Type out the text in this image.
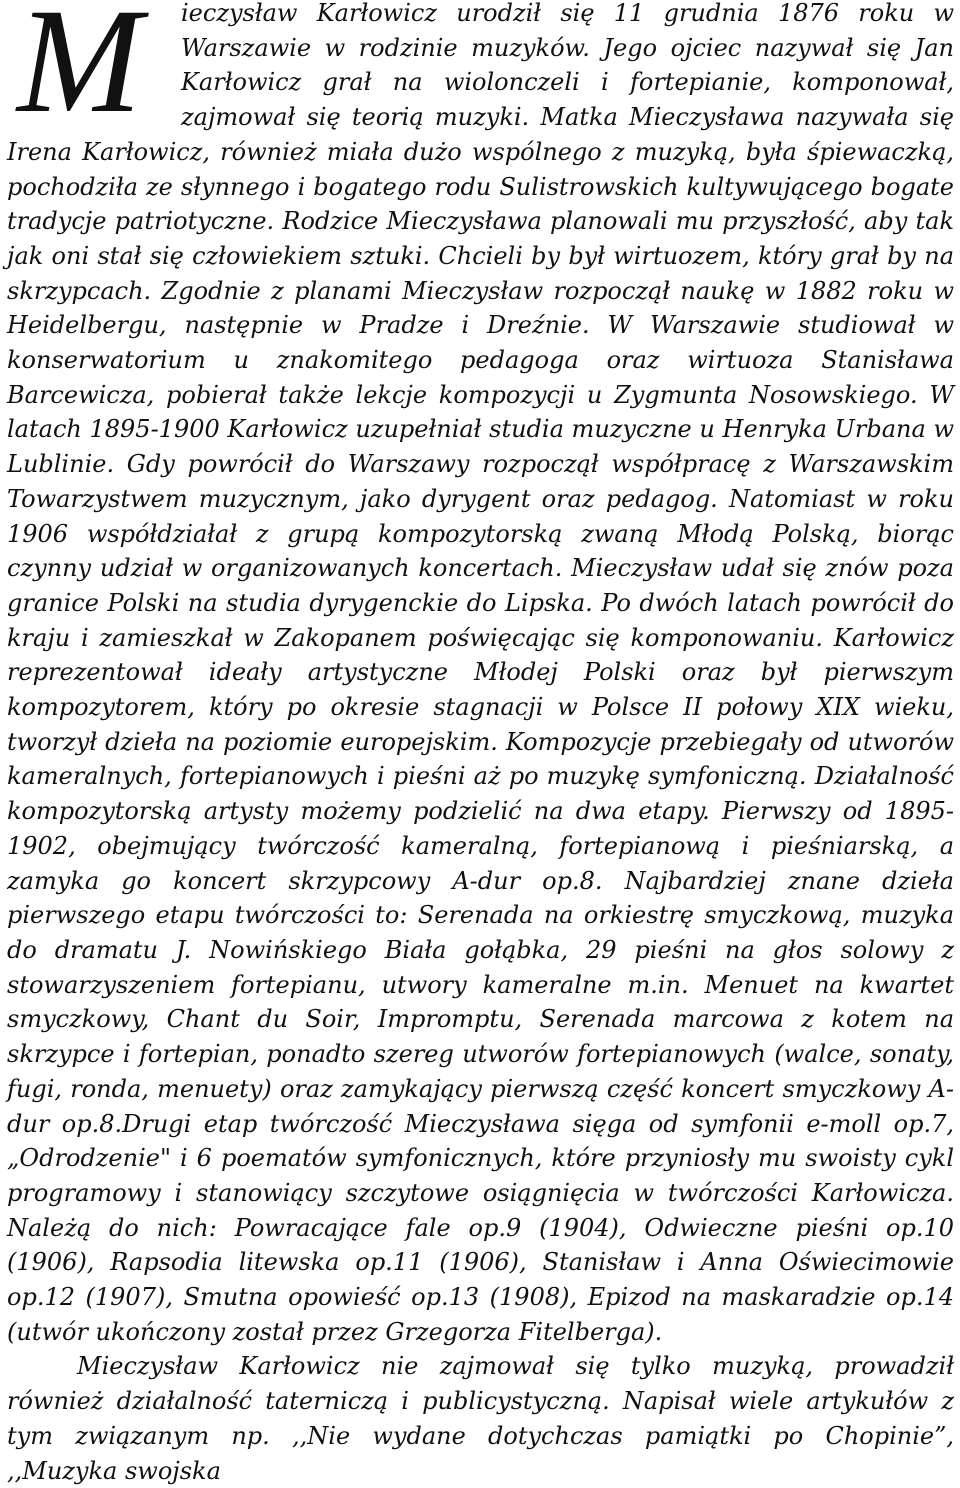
M	ieczysław Karłowicz urodził się 11 grudnia 1876 roku w Warszawie w rodzinie muzyków. Jego ojciec nazywał się Jan Karłowicz grał na wiolonczeli i fortepianie, komponował, zajmował się teorią muzyki. Matka Mieczysława nazywała się Irena Karłowicz, również miała dużo wspólnego z muzyką, była śpiewaczką, pochodziła ze słynnego i bogatego rodu Sulistrowskich kultywującego bogate tradycje patriotyczne. Rodzice Mieczysława planowali mu przyszłość, aby tak jak oni stał się człowiekiem sztuki. Chcieli by był wirtuozem, który grał by na skrzypcach. Zgodnie z planami Mieczysław rozpoczął naukę w 1882 roku w Heidelbergu, następnie w Pradze i Dreźnie. W Warszawie studiował w konserwatorium u znakomitego pedagoga oraz wirtuoza Stanisława Barcewicza, pobierał także lekcje kompozycji u Zygmunta Nosowskiego. W latach 1895-1900 Karłowicz uzupełniał studia muzyczne u Henryka Urbana w Lublinie. Gdy powrócił do Warszawy rozpoczął współpracę z Warszawskim Towarzystwem muzycznym, jako dyrygent oraz pedagog. Natomiast w roku 1906 współdziałał z grupą kompozytorską zwaną Młodą Polską, biorąc czynny udział w organizowanych koncertach. Mieczysław udał się znów poza granice Polski na studia dyrygenckie do Lipska. Po dwóch latach powrócił do kraju i zamieszkał w Zakopanem poświęcając się komponowaniu. Karłowicz reprezentował ideały artystyczne Młodej Polski oraz był pierwszym kompozytorem, który po okresie stagnacji w Polsce II połowy XIX wieku, tworzył dzieła na poziomie europejskim. Kompozycje przebiegały od utworów kameralnych, fortepianowych i pieśni aż po muzykę symfoniczną. Działalność kompozytorską artysty możemy podzielić na dwa etapy. Pierwszy od 1895-1902, obejmujący twórczość kameralną, fortepianową i pieśniarską, a zamyka go koncert skrzypcowy A-dur op.8. Najbardziej znane dzieła pierwszego etapu twórczości to: Serenada na orkiestrę smyczkową, muzyka do dramatu J. Nowińskiego Biała gołąbka, 29 pieśni na głos solowy z stowarzyszeniem fortepianu, utwory kameralne m.in. Menuet na kwartet smyczkowy, Chant du Soir, Impromptu, Serenada marcowa z kotem na skrzypce i fortepian, ponadto szereg utworów fortepianowych (walce, sonaty, fugi, ronda, menuety) oraz zamykający pierwszą część koncert smyczkowy A-dur op.8.Drugi etap twórczość Mieczysława sięga od symfonii e-moll op.7, „Odrodzenie" i 6 poematów symfonicznych, które przyniosły mu swoisty cykl programowy i stanowiący szczytowe osiągnięcia w twórczości Karłowicza. Należą do nich: Powracające fale op.9 (1904), Odwieczne pieśni op.10 (1906), Rapsodia litewska op.11 (1906), Stanisław i Anna Oświecimowie op.12 (1907), Smutna opowieść op.13 (1908), Epizod na maskaradzie op.14 (utwór ukończony został przez Grzegorza Fitelberga).

Mieczysław Karłowicz nie zajmował się tylko muzyką, prowadził również działalność taterniczą i publicystyczną. Napisał wiele artykułów z tym związanym np. ,,Nie wydane dotychczas pamiątki po Chopinie”, ,,Muzyka swojska
